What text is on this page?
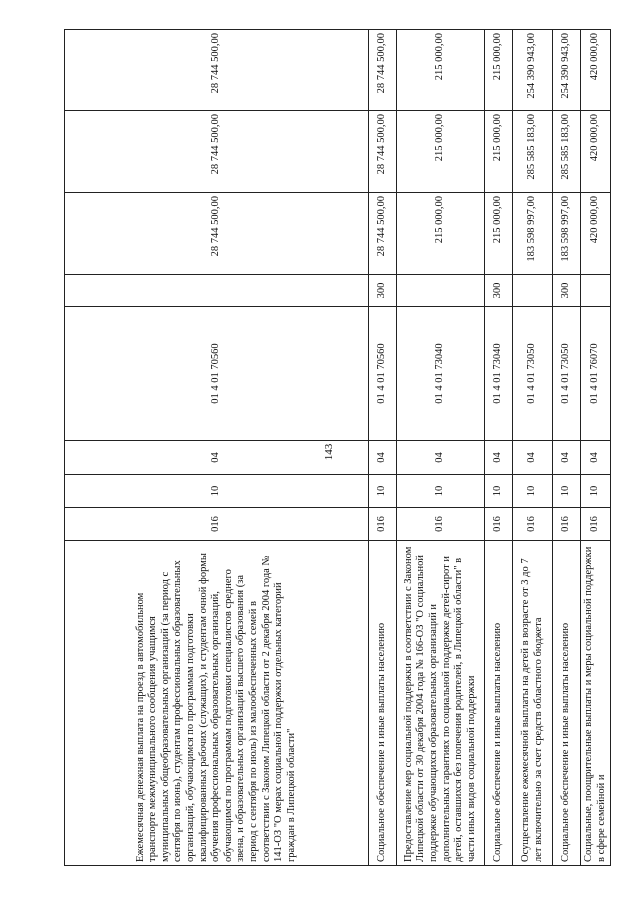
143
Ежемесячная денежная выплата на проезд в автомобильном транспорте межмуниципального сообщения учащимся муниципальных общеобразовательных организаций (за период с сентября по июнь), студентам профессиональных образовательных организаций, обучающимся по программам подготовки квалифицированных рабочих (служащих), и студентам очной формы обучения профессиональных образовательных организаций, обучающимся по программам подготовки специалистов среднего звена, и образовательных организаций высшего образования (за период с сентября по июль) из малообеспеченных семей в соответствии с Законом Липецкой области от 2 декабря 2004 года № 141-ОЗ "О мерах социальной поддержки отдельных категорий граждан в Липецкой области"	016	10	04	01 4 01 70560		28 744 500,00	28 744 500,00	28 744 500,00
Социальное обеспечение и иные выплаты населению	016	10	04	01 4 01 70560	300	28 744 500,00	28 744 500,00	28 744 500,00
Предоставление мер социальной поддержки в соответствии с Законом Липецкой области от 30 декабря 2004 года № 166-ОЗ "О социальной поддержке обучающихся образовательных организаций и дополнительных гарантиях по социальной поддержке детей-сирот и детей, оставшихся без попечения родителей, в Липецкой области" в части иных видов социальной поддержки	016	10	04	01 4 01 73040		215 000,00	215 000,00	215 000,00
Социальное обеспечение и иные выплаты населению	016	10	04	01 4 01 73040	300	215 000,00	215 000,00	215 000,00
Осуществление ежемесячной выплаты на детей в возрасте от 3 до 7 лет включительно за счет средств областного бюджета	016	10	04	01 4 01 73050		183 598 997,00	285 585 183,00	254 390 943,00
Социальное обеспечение и иные выплаты населению	016	10	04	01 4 01 73050	300	183 598 997,00	285 585 183,00	254 390 943,00
Социальные, поощрительные выплаты и меры социальной поддержки в сфере семейной и	016	10	04	01 4 01 76070		420 000,00	420 000,00	420 000,00
